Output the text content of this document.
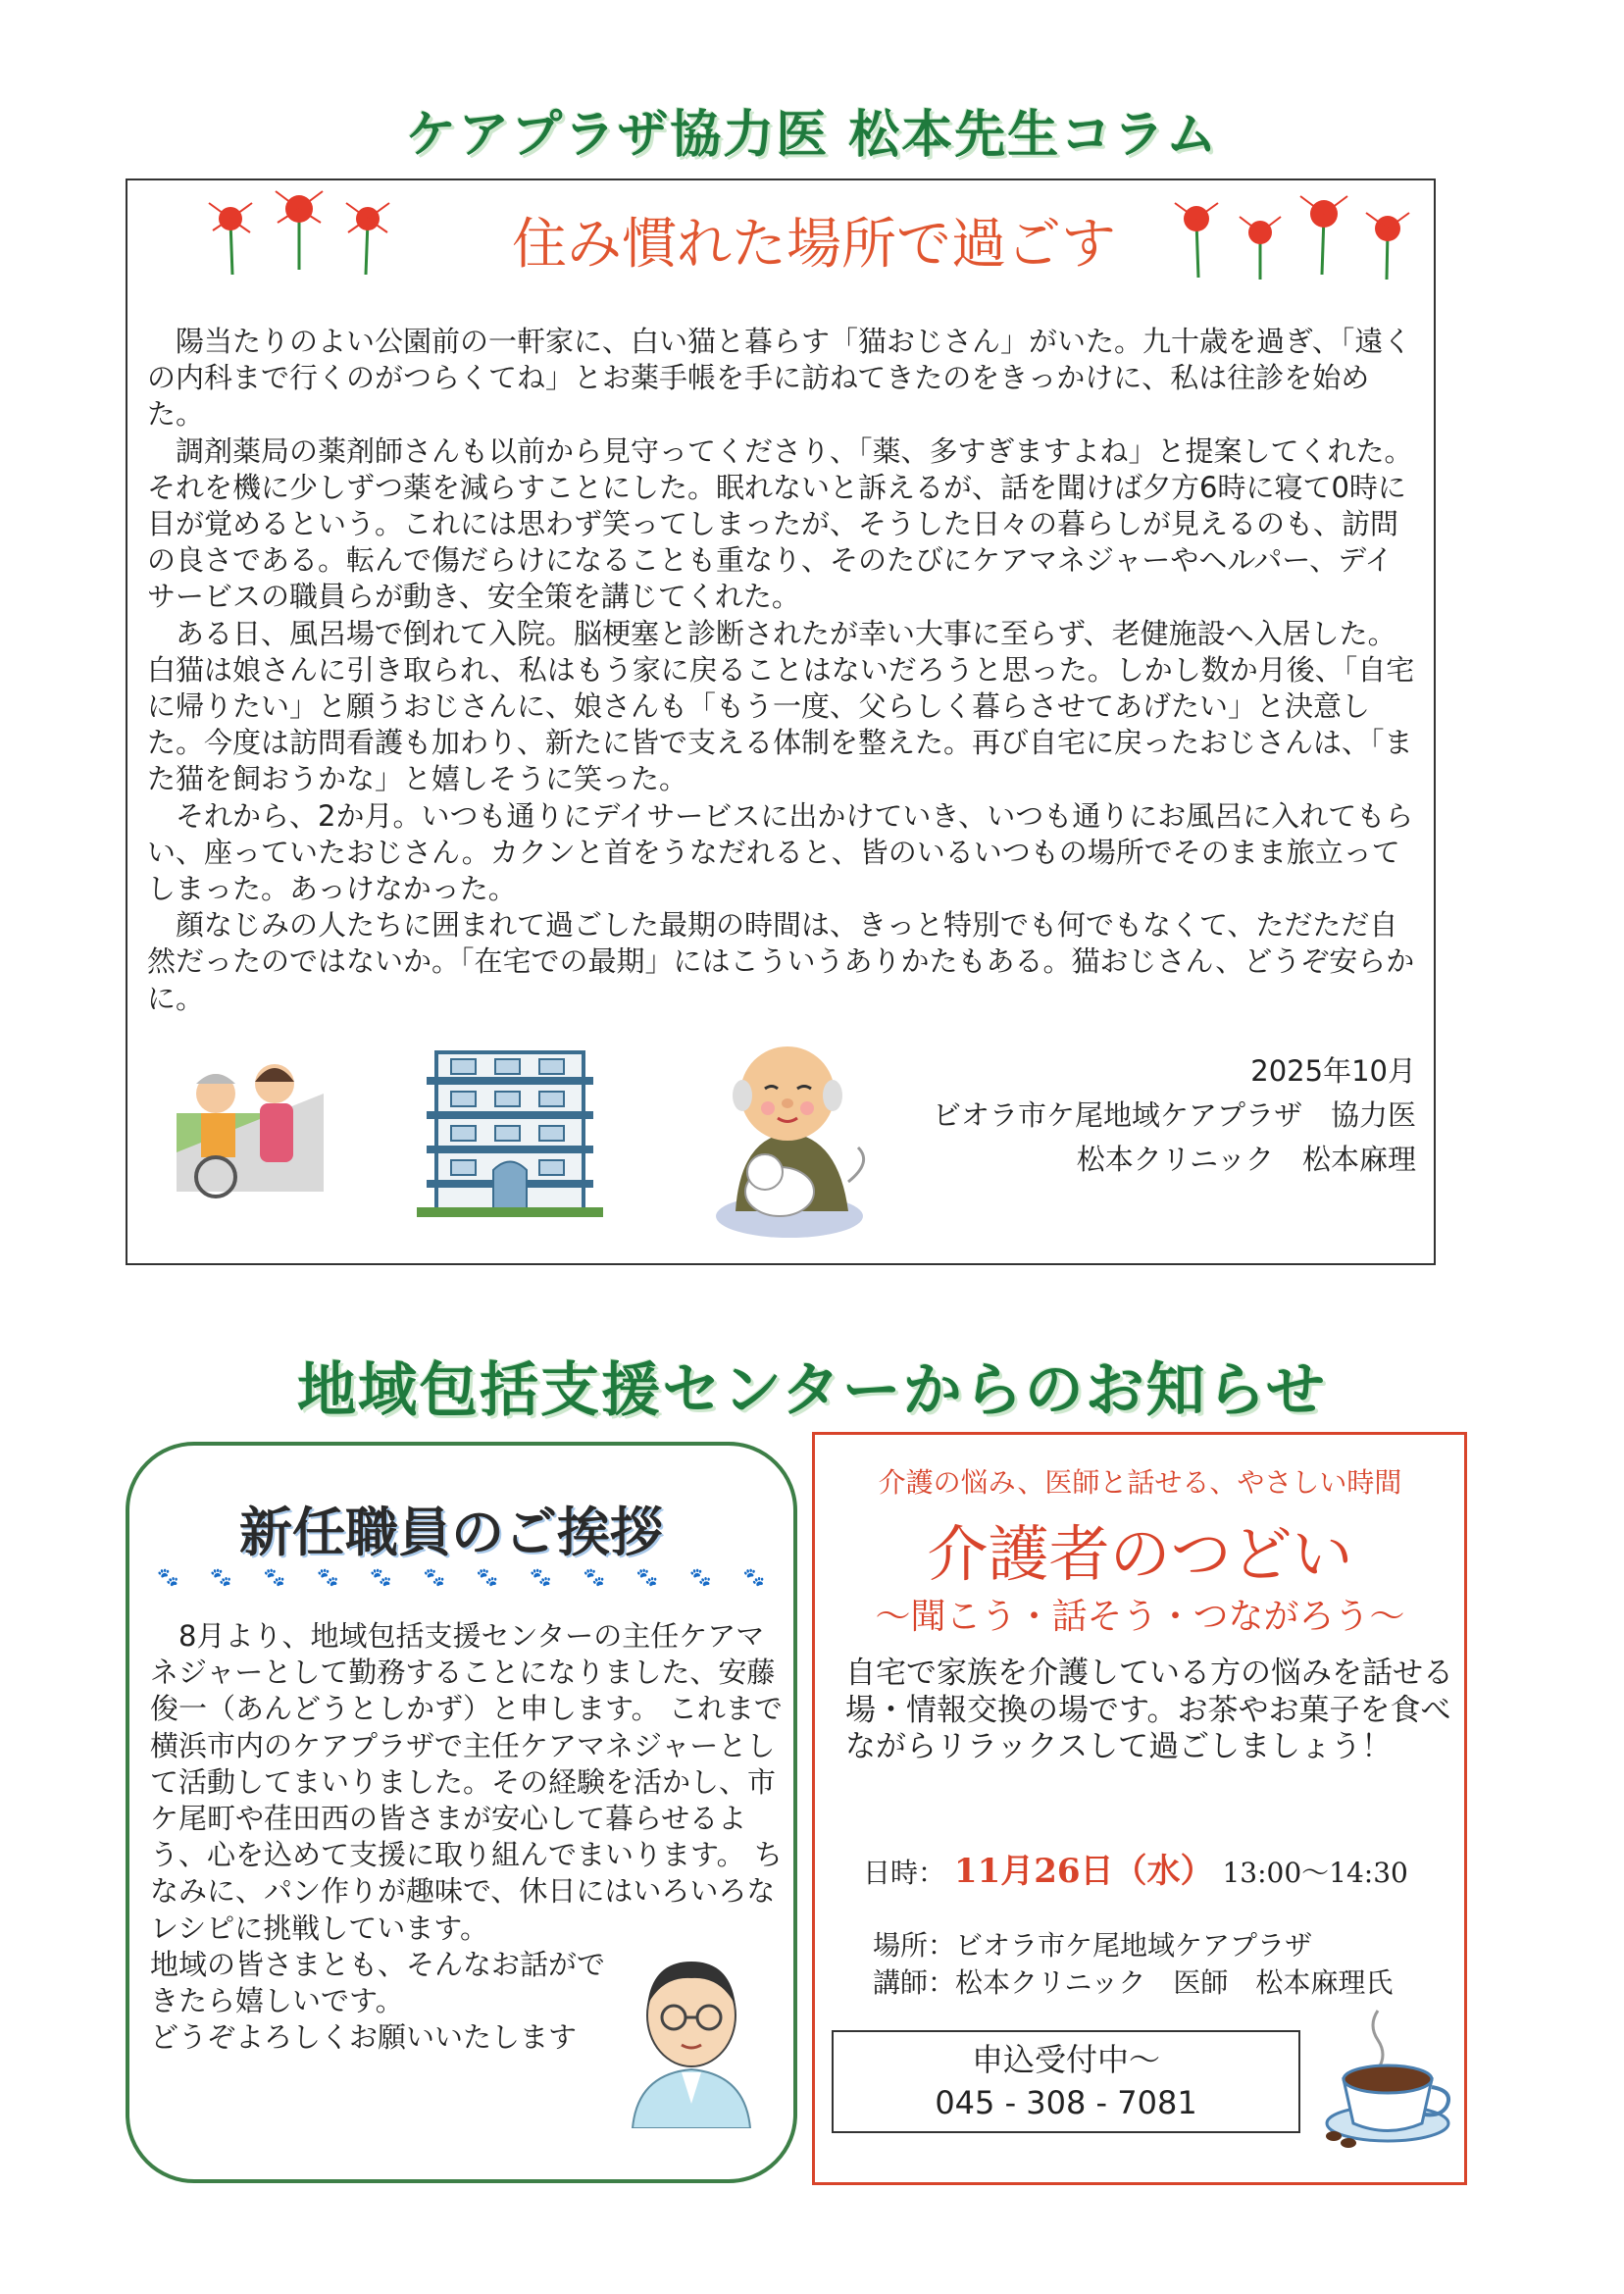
ケアプラザ協力医 松本先生コラム
住み慣れた場所で過ごす

陽当たりのよい公園前の一軒家に、白い猫と暮らす「猫おじさん」がいた。九十歳を過ぎ、「遠くの内科まで行くのがつらくてね」とお薬手帳を手に訪ねてきたのをきっかけに、私は往診を始めた。

調剤薬局の薬剤師さんも以前から見守ってくださり、「薬、多すぎますよね」と提案してくれた。それを機に少しずつ薬を減らすことにした。眠れないと訴えるが、話を聞けば夕方6時に寝て0時に目が覚めるという。これには思わず笑ってしまったが、そうした日々の暮らしが見えるのも、訪問の良さである。転んで傷だらけになることも重なり、そのたびにケアマネジャーやヘルパー、デイサービスの職員らが動き、安全策を講じてくれた。

ある日、風呂場で倒れて入院。脳梗塞と診断されたが幸い大事に至らず、老健施設へ入居した。白猫は娘さんに引き取られ、私はもう家に戻ることはないだろうと思った。しかし数か月後、「自宅に帰りたい」と願うおじさんに、娘さんも「もう一度、父らしく暮らさせてあげたい」と決意した。今度は訪問看護も加わり、新たに皆で支える体制を整えた。再び自宅に戻ったおじさんは、「また猫を飼おうかな」と嬉しそうに笑った。

それから、2か月。いつも通りにデイサービスに出かけていき、いつも通りにお風呂に入れてもらい、座っていたおじさん。カクンと首をうなだれると、皆のいるいつもの場所でそのまま旅立ってしまった。あっけなかった。

顔なじみの人たちに囲まれて過ごした最期の時間は、きっと特別でも何でもなくて、ただただ自然だったのではないか。「在宅での最期」にはこういうありかたもある。猫おじさん、どうぞ安らかに。

2025年10月
ビオラ市ケ尾地域ケアプラザ　協力医
松本クリニック　松本麻理
地域包括支援センターからのお知らせ
新任職員のご挨拶
🐾 🐾 🐾 🐾 🐾 🐾 🐾 🐾 🐾 🐾 🐾 🐾

　8月より、地域包括支援センターの主任ケアマネジャーとして勤務することになりました、安藤俊一（あんどうとしかず）と申します。 これまで横浜市内のケアプラザで主任ケアマネジャーとして活動してまいりました。その経験を活かし、市ケ尾町や荏田西の皆さまが安心して暮らせるよう、心を込めて支援に取り組んでまいります。 ちなみに、パン作りが趣味で、休日にはいろいろなレシピに挑戦しています。

地域の皆さまとも、そんなお話ができたら嬉しいです。

どうぞよろしくお願いいたします

介護の悩み、医師と話せる、やさしい時間
介護者のつどい
～聞こう・話そう・つながろう～
自宅で家族を介護している方の悩みを話せる場・情報交換の場です。お茶やお菓子を食べながらリラックスして過ごしましょう！
日時： 11月26日（水） 13:00～14:30
場所：ビオラ市ケ尾地域ケアプラザ
講師：松本クリニック　医師　松本麻理氏
申込受付中～
045 - 308 - 7081
